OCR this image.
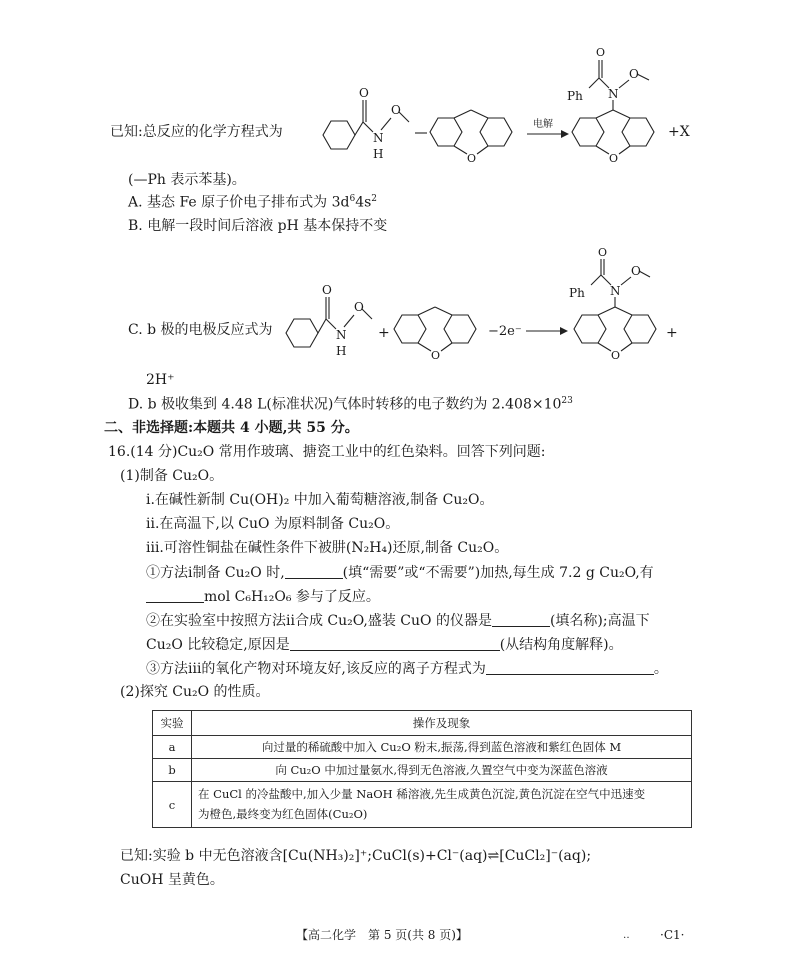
已知:总反应的化学方程式为
O
N
H
O
O
电解
O
N
O
Ph
O
+X
(—Ph 表示苯基)。
A. 基态 Fe 原子价电子排布式为 $3d^64s^2$
B. 电解一段时间后溶液 pH 基本保持不变
C. b 极的电极反应式为
O
N
H
O
+
O
−2e⁻
O
N
O
Ph
O
+
2H⁺
D. b 极收集到 4.48 L(标准状况)气体时转移的电子数约为 $2.408\times 10^{23}$
二、非选择题:本题共 4 小题,共 55 分。
16.(14 分)Cu₂O 常用作玻璃、搪瓷工业中的红色染料。回答下列问题:
(1)制备 Cu₂O。
ⅰ.在碱性新制 Cu(OH)₂ 中加入葡萄糖溶液,制备 Cu₂O。
ⅱ.在高温下,以 CuO 为原料制备 Cu₂O。
ⅲ.可溶性铜盐在碱性条件下被肼(N₂H₄)还原,制备 Cu₂O。
①方法ⅰ制备 Cu₂O 时,	(填“需要”或“不需要”)加热,每生成 7.2 g Cu₂O,有
mol C₆H₁₂O₆ 参与了反应。
②在实验室中按照方法ⅱ合成 Cu₂O,盛装 CuO 的仪器是	(填名称);高温下
Cu₂O 比较稳定,原因是	(从结构角度解释)。
③方法ⅲ的氧化产物对环境友好,该反应的离子方程式为	。
(2)探究 Cu₂O 的性质。
实验	操作及现象
a	向过量的稀硫酸中加入 Cu₂O 粉末,振荡,得到蓝色溶液和紫红色固体 M
b	向 Cu₂O 中加过量氨水,得到无色溶液,久置空气中变为深蓝色溶液
c	在 CuCl 的冷盐酸中,加入少量 NaOH 稀溶液,先生成黄色沉淀,黄色沉淀在空气中迅速变
为橙色,最终变为红色固体(Cu₂O)
已知:实验 b 中无色溶液含[Cu(NH₃)₂]⁺;CuCl(s)+Cl⁻(aq)⇌[CuCl₂]⁻(aq);
CuOH 呈黄色。
【高二化学　第 5 页(共 8 页)】	‥	·C1·
